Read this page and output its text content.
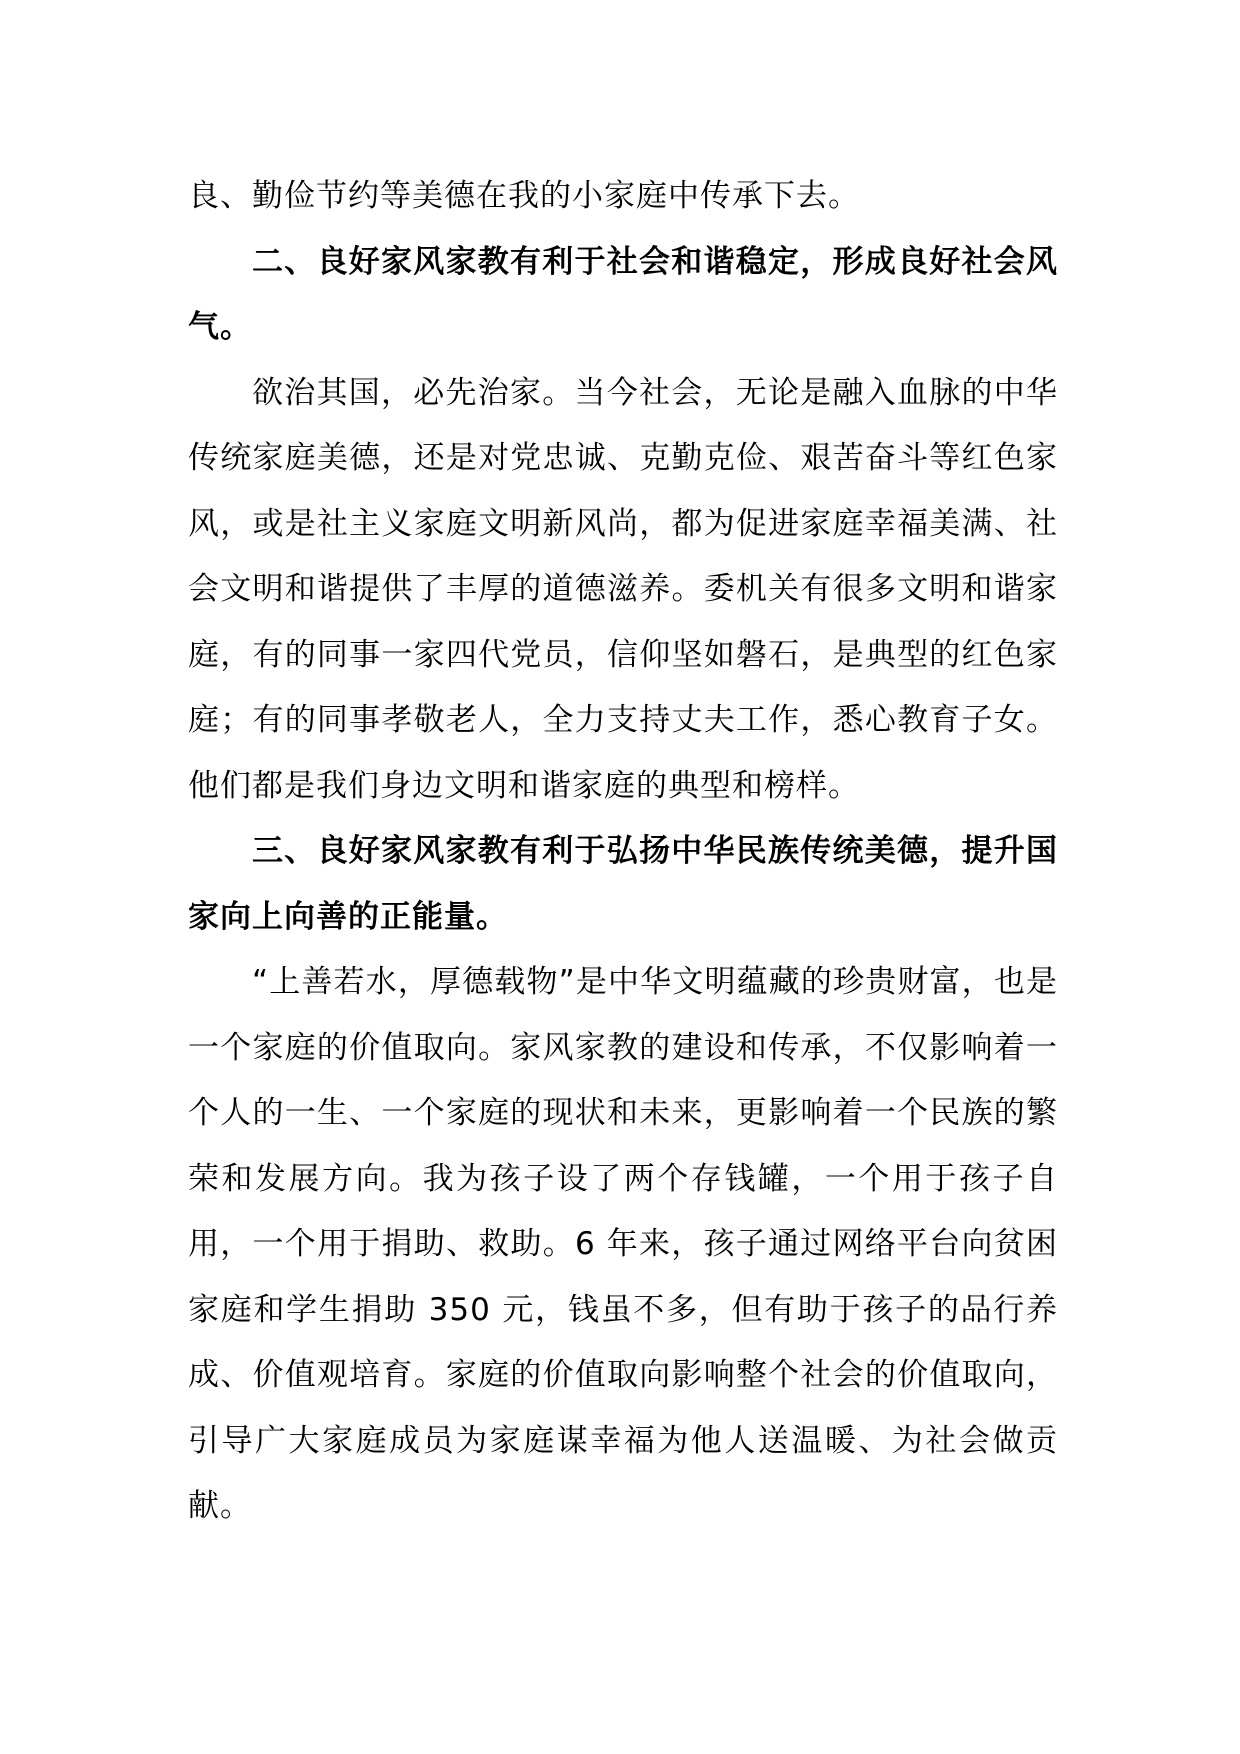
良、勤俭节约等美德在我的小家庭中传承下去。

二、良好家风家教有利于社会和谐稳定，形成良好社会风气。

欲治其国，必先治家。当今社会，无论是融入血脉的中华传统家庭美德，还是对党忠诚、克勤克俭、艰苦奋斗等红色家风，或是社主义家庭文明新风尚，都为促进家庭幸福美满、社会文明和谐提供了丰厚的道德滋养。委机关有很多文明和谐家庭，有的同事一家四代党员，信仰坚如磐石，是典型的红色家庭；有的同事孝敬老人，全力支持丈夫工作，悉心教育子女。他们都是我们身边文明和谐家庭的典型和榜样。

三、良好家风家教有利于弘扬中华民族传统美德，提升国家向上向善的正能量。

“上善若水，厚德载物”是中华文明蕴藏的珍贵财富，也是一个家庭的价值取向。家风家教的建设和传承，不仅影响着一个人的一生、一个家庭的现状和未来，更影响着一个民族的繁荣和发展方向。我为孩子设了两个存钱罐，一个用于孩子自用，一个用于捐助、救助。6 年来，孩子通过网络平台向贫困家庭和学生捐助 350 元，钱虽不多，但有助于孩子的品行养成、价值观培育。家庭的价值取向影响整个社会的价值取向，引导广大家庭成员为家庭谋幸福为他人送温暖、为社会做贡献。
